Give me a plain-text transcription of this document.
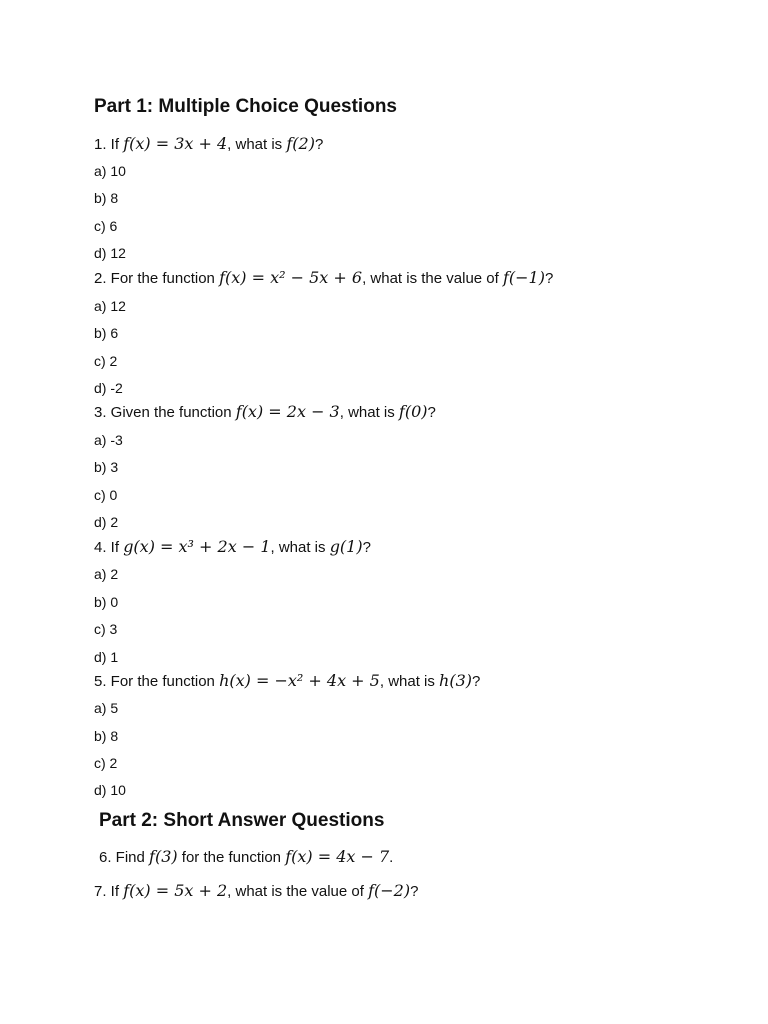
Part 1: Multiple Choice Questions
1. If f(x) = 3x + 4, what is f(2)?
a) 10
b) 8
c) 6
d) 12
2. For the function f(x) = x² − 5x + 6, what is the value of f(−1)?
a) 12
b) 6
c) 2
d) -2
3. Given the function f(x) = 2x − 3, what is f(0)?
a) -3
b) 3
c) 0
d) 2
4. If g(x) = x³ + 2x − 1, what is g(1)?
a) 2
b) 0
c) 3
d) 1
5. For the function h(x) = −x² + 4x + 5, what is h(3)?
a) 5
b) 8
c) 2
d) 10
Part 2: Short Answer Questions
6. Find f(3) for the function f(x) = 4x − 7.
7. If f(x) = 5x + 2, what is the value of f(−2)?
